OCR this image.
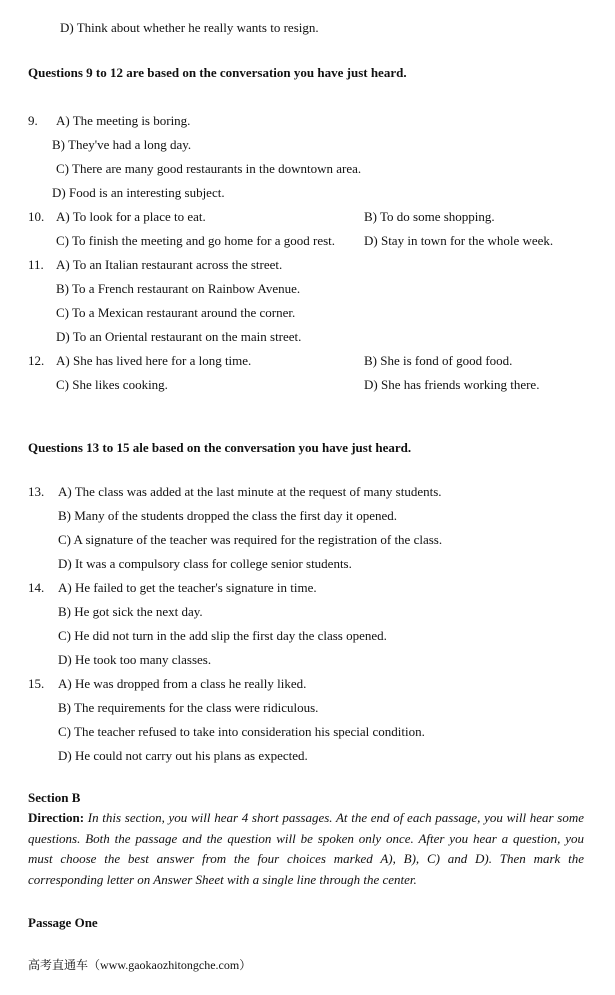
D) Think about whether he really wants to resign.
Questions 9 to 12 are based on the conversation you have just heard.
9. A) The meeting is boring.
B) They've had a long day.
C) There are many good restaurants in the downtown area.
D) Food is an interesting subject.
10. A) To look for a place to eat.	B) To do some shopping.
C) To finish the meeting and go home for a good rest. D) Stay in town for the whole week.
11. A) To an Italian restaurant across the street.
B) To a French restaurant on Rainbow Avenue.
C) To a Mexican restaurant around the corner.
D) To an Oriental restaurant on the main street.
12. A) She has lived here for a long time.	B) She is fond of good food.
C) She likes cooking.	D) She has friends working there.
Questions 13 to 15 ale based on the conversation you have just heard.
13. A) The class was added at the last minute at the request of many students.
B) Many of the students dropped the class the first day it opened.
C) A signature of the teacher was required for the registration of the class.
D) It was a compulsory class for college senior students.
14. A) He failed to get the teacher's signature in time.
B) He got sick the next day.
C) He did not turn in the add slip the first day the class opened.
D) He took too many classes.
15. A) He was dropped from a class he really liked.
B) The requirements for the class were ridiculous.
C) The teacher refused to take into consideration his special condition.
D) He could not carry out his plans as expected.
Section B
Direction: In this section, you will hear 4 short passages. At the end of each passage, you will hear some questions. Both the passage and the question will be spoken only once. After you hear a question, you must choose the best answer from the four choices marked A), B), C) and D). Then mark the corresponding letter on Answer Sheet with a single line through the center.
Passage One
高考直通车（www.gaokaozhitongche.com）
